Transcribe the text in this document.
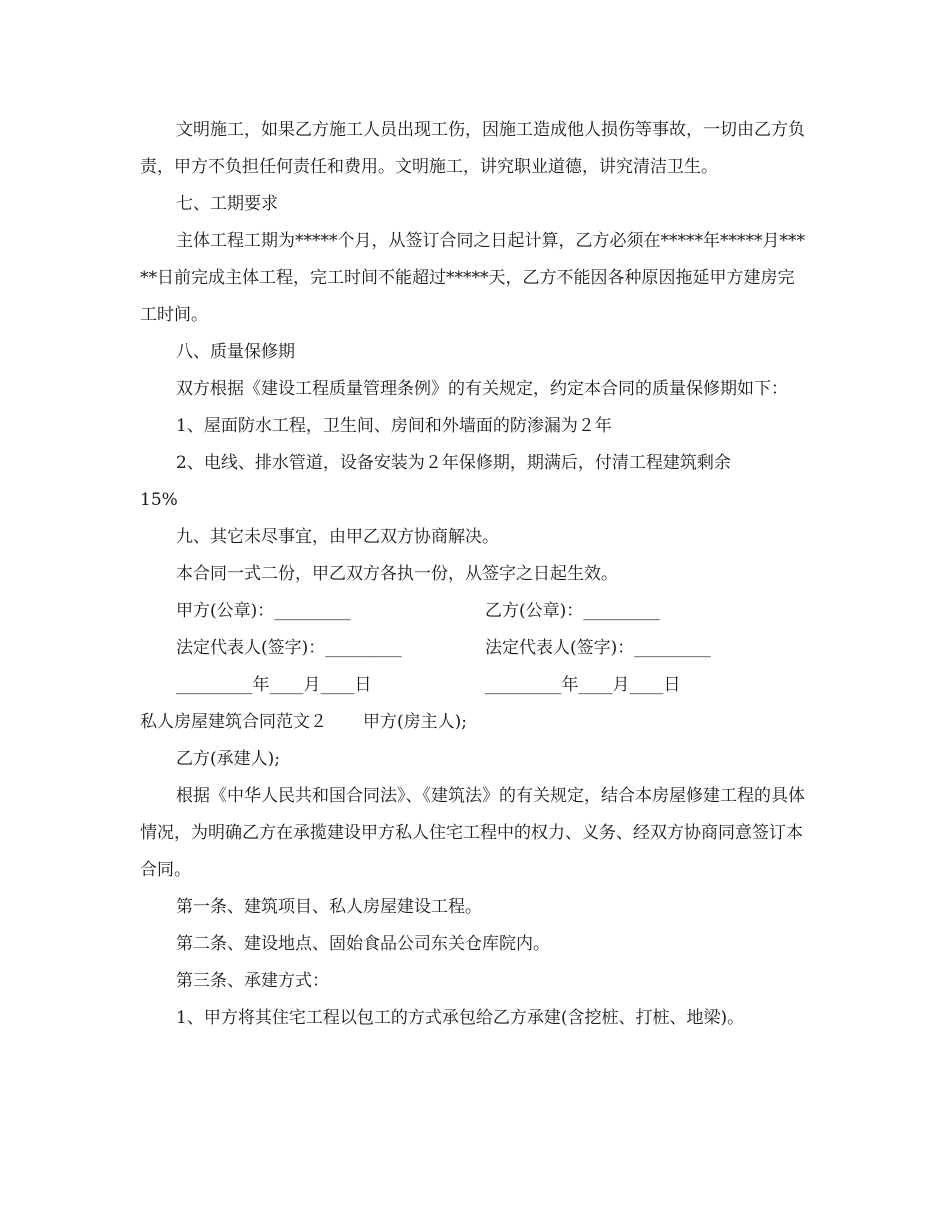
文明施工，如果乙方施工人员出现工伤，因施工造成他人损伤等事故，一切由乙方负责，甲方不负担任何责任和费用。文明施工，讲究职业道德，讲究清洁卫生。

七、工期要求

主体工程工期为*****个月，从签订合同之日起计算，乙方必须在*****年*****月*****日前完成主体工程，完工时间不能超过*****天，乙方不能因各种原因拖延甲方建房完工时间。

八、质量保修期

双方根据《建设工程质量管理条例》的有关规定，约定本合同的质量保修期如下：

1、屋面防水工程，卫生间、房间和外墙面的防渗漏为２年

2、电线、排水管道，设备安装为２年保修期，期满后，付清工程建筑剩余

15%

九、其它未尽事宜，由甲乙双方协商解决。

本合同一式二份，甲乙双方各执一份，从签字之日起生效。

甲方(公章)：_________	乙方(公章)：_________
法定代表人(签字)：_________	法定代表人(签字)：_________
_________年____月____日	_________年____月____日

私人房屋建筑合同范文２ 甲方(房主人);

乙方(承建人);

根据《中华人民共和国合同法》、《建筑法》的有关规定，结合本房屋修建工程的具体情况，为明确乙方在承揽建设甲方私人住宅工程中的权力、义务、经双方协商同意签订本合同。

第一条、建筑项目、私人房屋建设工程。

第二条、建设地点、固始食品公司东关仓库院内。

第三条、承建方式：

1、甲方将其住宅工程以包工的方式承包给乙方承建(含挖桩、打桩、地梁)。
